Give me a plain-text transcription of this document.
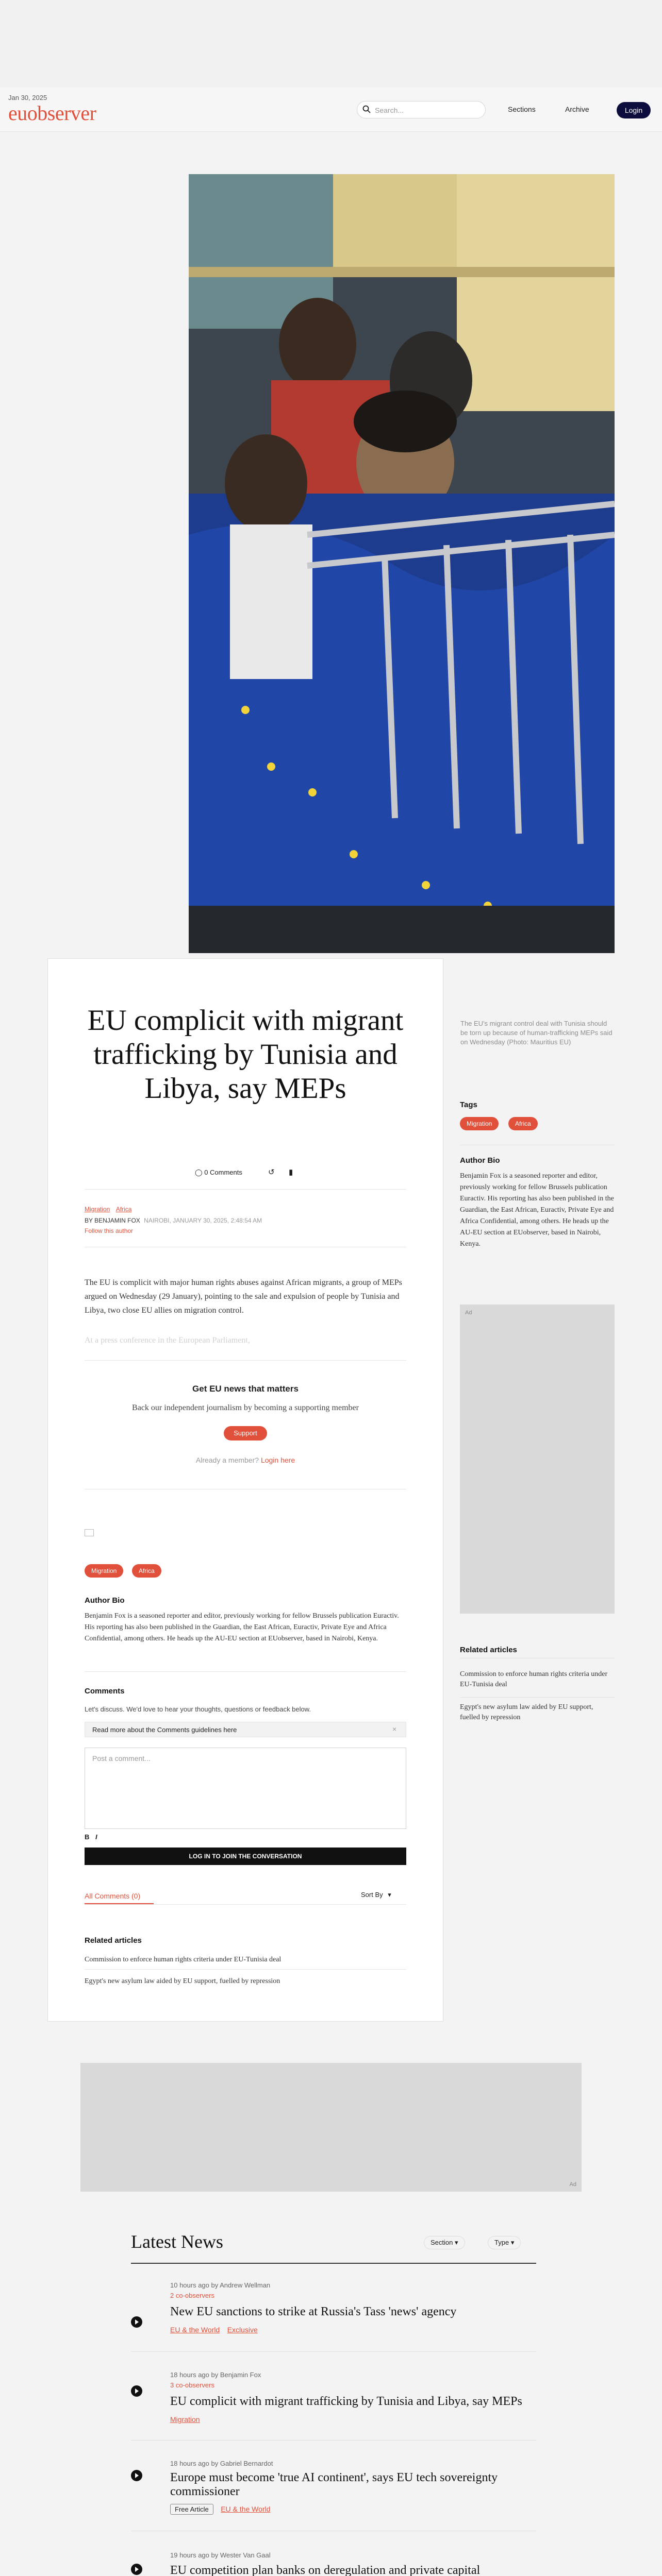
Jan 30, 2025
euobserver	Search...	Sections	Archive	Login
The EU's migrant control deal with Tunisia should be torn up because of human-trafficking MEPs said on Wednesday (Photo: Mauritius EU)
EU complicit with migrant trafficking by Tunisia and Libya, say MEPs
◯ 0 Comments	↺ ▮
Migration Africa
BY BENJAMIN FOX NAIROBI, JANUARY 30, 2025, 2:48:54 AM
Follow this author
The EU is complicit with major human rights abuses against African migrants, a group of MEPs argued on Wednesday (29 January), pointing to the sale and expulsion of people by Tunisia and Libya, two close EU allies on migration control.
At a press conference in the European Parliament,
Get EU news that matters
Back our independent journalism by becoming a supporting member
Support
Already a member? Login here
Migration	Africa
Author Bio
Benjamin Fox is a seasoned reporter and editor, previously working for fellow Brussels publication Euractiv. His reporting has also been published in the Guardian, the East African, Euractiv, Private Eye and Africa Confidential, among others. He heads up the AU-EU section at EUobserver, based in Nairobi, Kenya.
Comments
Let's discuss. We'd love to hear your thoughts, questions or feedback below.
Read more about the Comments guidelines here	×
Post a comment...
B I
LOG IN TO JOIN THE CONVERSATION
All Comments (0)	Sort By ▾
Related articles
Commission to enforce human rights criteria under EU-Tunisia deal
Egypt's new asylum law aided by EU support, fuelled by repression
Tags
Migration	Africa
Author Bio
Benjamin Fox is a seasoned reporter and editor, previously working for fellow Brussels publication Euractiv. His reporting has also been published in the Guardian, the East African, Euractiv, Private Eye and Africa Confidential, among others. He heads up the AU-EU section at EUobserver, based in Nairobi, Kenya.
Ad
Related articles
Commission to enforce human rights criteria under EU-Tunisia deal
Egypt's new asylum law aided by EU support, fuelled by repression
Ad
Latest News	Section ▾	Type ▾
10 hours ago by Andrew Wellman
2 co-observers
New EU sanctions to strike at Russia's Tass 'news' agency
EU & the World Exclusive
18 hours ago by Benjamin Fox
3 co-observers
EU complicit with migrant trafficking by Tunisia and Libya, say MEPs
Migration
18 hours ago by Gabriel Bernardot
Europe must become 'true AI continent', says EU tech sovereignty commissioner
Free Article EU & the World
19 hours ago by Wester Van Gaal
EU competition plan banks on deregulation and private capital
